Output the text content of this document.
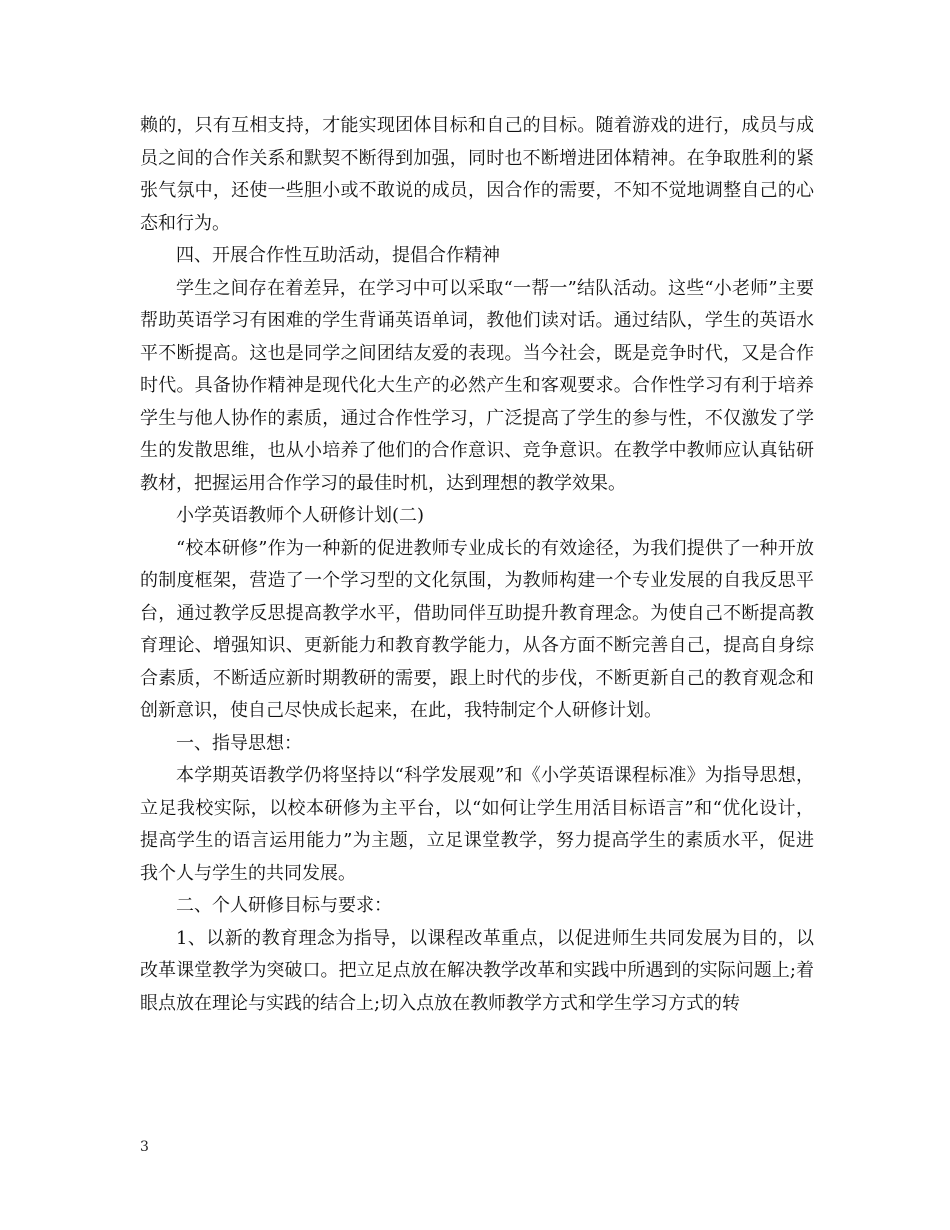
赖的，只有互相支持，才能实现团体目标和自己的目标。随着游戏的进行，成员与成员之间的合作关系和默契不断得到加强，同时也不断增进团体精神。在争取胜利的紧张气氛中，还使一些胆小或不敢说的成员，因合作的需要，不知不觉地调整自己的心态和行为。

四、开展合作性互助活动，提倡合作精神

学生之间存在着差异，在学习中可以采取“一帮一”结队活动。这些“小老师”主要帮助英语学习有困难的学生背诵英语单词，教他们读对话。通过结队，学生的英语水平不断提高。这也是同学之间团结友爱的表现。当今社会，既是竞争时代，又是合作时代。具备协作精神是现代化大生产的必然产生和客观要求。合作性学习有利于培养学生与他人协作的素质，通过合作性学习，广泛提高了学生的参与性，不仅激发了学生的发散思维，也从小培养了他们的合作意识、竞争意识。在教学中教师应认真钻研教材，把握运用合作学习的最佳时机，达到理想的教学效果。

小学英语教师个人研修计划(二)

“校本研修”作为一种新的促进教师专业成长的有效途径，为我们提供了一种开放的制度框架，营造了一个学习型的文化氛围，为教师构建一个专业发展的自我反思平台，通过教学反思提高教学水平，借助同伴互助提升教育理念。为使自己不断提高教育理论、增强知识、更新能力和教育教学能力，从各方面不断完善自己，提高自身综合素质，不断适应新时期教研的需要，跟上时代的步伐，不断更新自己的教育观念和创新意识，使自己尽快成长起来，在此，我特制定个人研修计划。

一、指导思想：

本学期英语教学仍将坚持以“科学发展观”和《小学英语课程标准》为指导思想，立足我校实际，以校本研修为主平台，以“如何让学生用活目标语言”和“优化设计，提高学生的语言运用能力”为主题，立足课堂教学，努力提高学生的素质水平，促进我个人与学生的共同发展。

二、个人研修目标与要求：

1、以新的教育理念为指导，以课程改革重点，以促进师生共同发展为目的，以改革课堂教学为突破口。把立足点放在解决教学改革和实践中所遇到的实际问题上;着眼点放在理论与实践的结合上;切入点放在教师教学方式和学生学习方式的转

3
